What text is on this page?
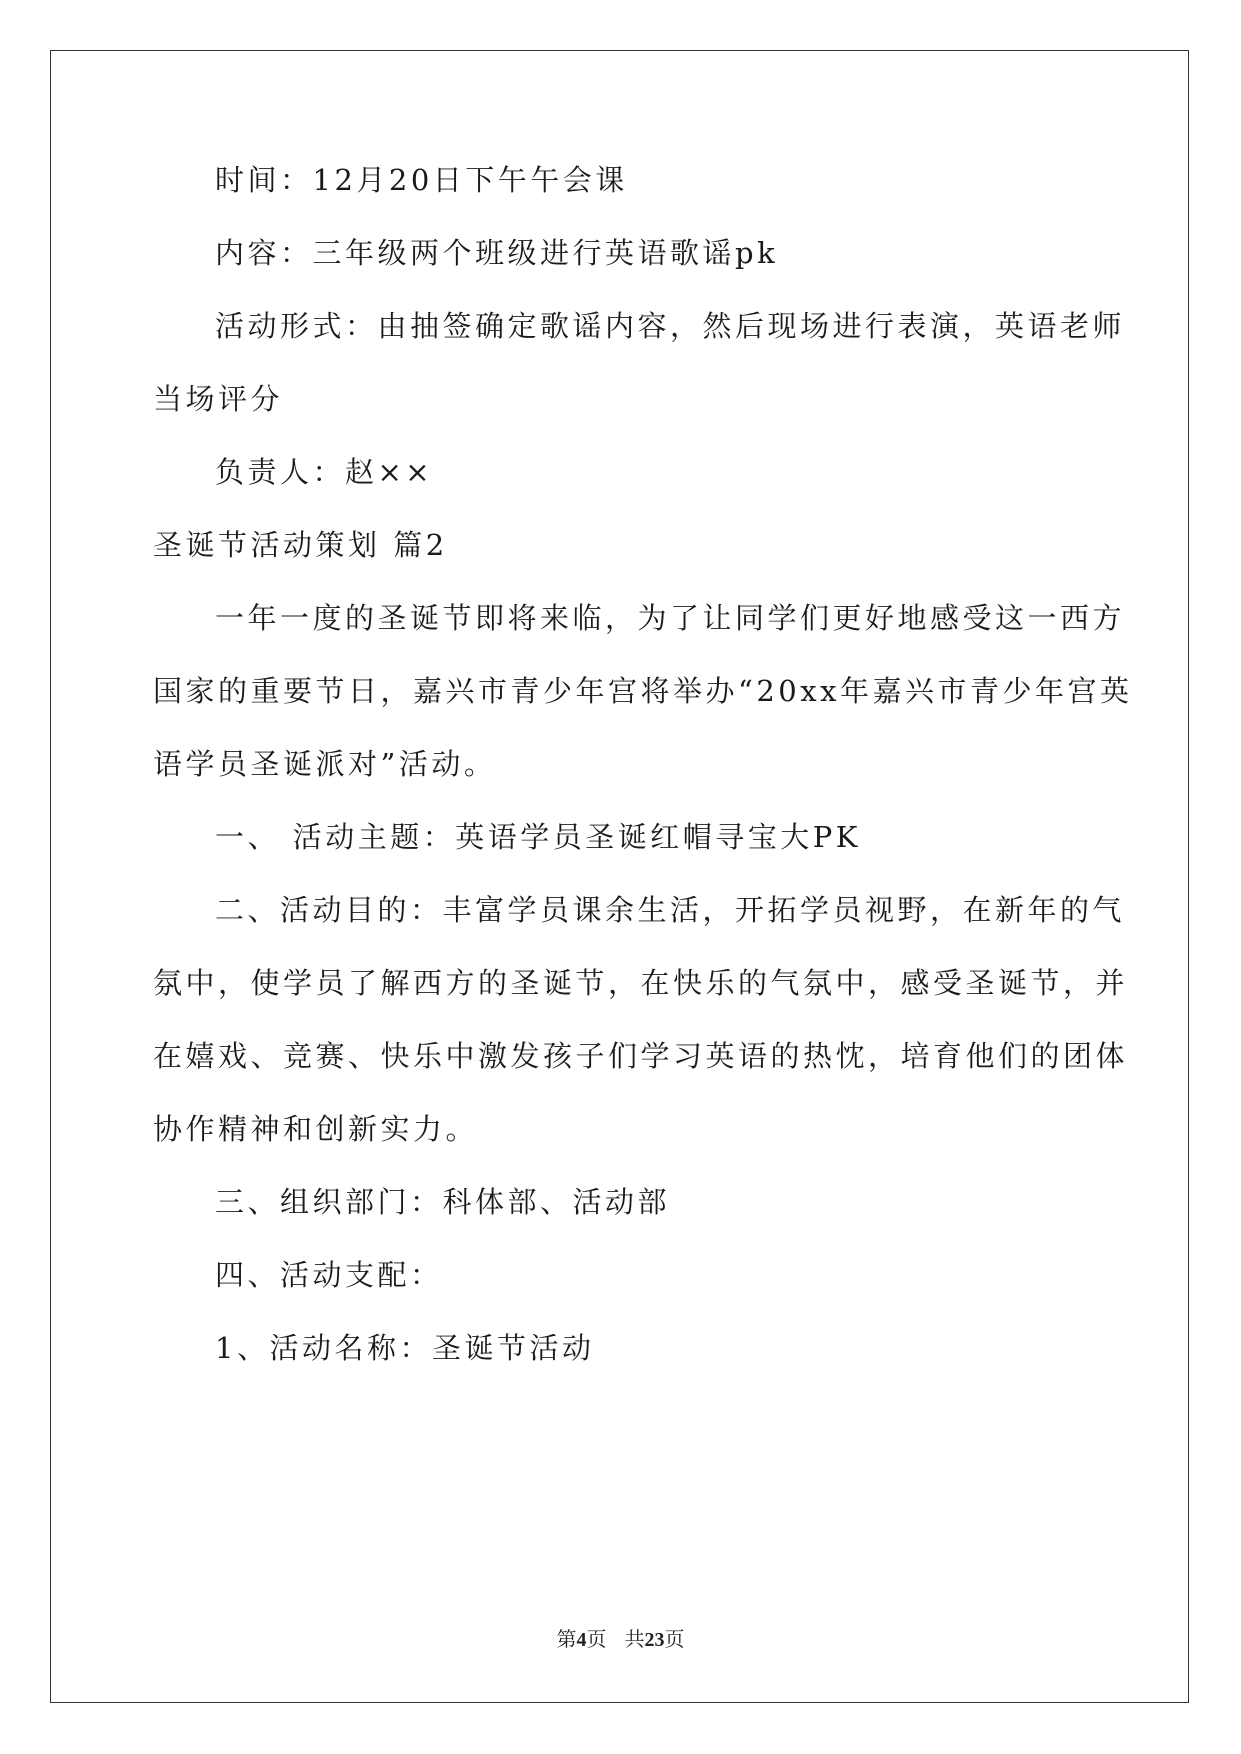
时间：12月20日下午午会课
内容：三年级两个班级进行英语歌谣pk
活动形式：由抽签确定歌谣内容，然后现场进行表演，英语老师
当场评分
负责人：赵××
圣诞节活动策划 篇2
一年一度的圣诞节即将来临，为了让同学们更好地感受这一西方
国家的重要节日，嘉兴市青少年宫将举办“20xx年嘉兴市青少年宫英
语学员圣诞派对”活动。
一、 活动主题：英语学员圣诞红帽寻宝大PK
二、活动目的：丰富学员课余生活，开拓学员视野，在新年的气
氛中，使学员了解西方的圣诞节，在快乐的气氛中，感受圣诞节，并
在嬉戏、竞赛、快乐中激发孩子们学习英语的热忱，培育他们的团体
协作精神和创新实力。
三、组织部门：科体部、活动部
四、活动支配：
1、活动名称：圣诞节活动
第4页 共23页
